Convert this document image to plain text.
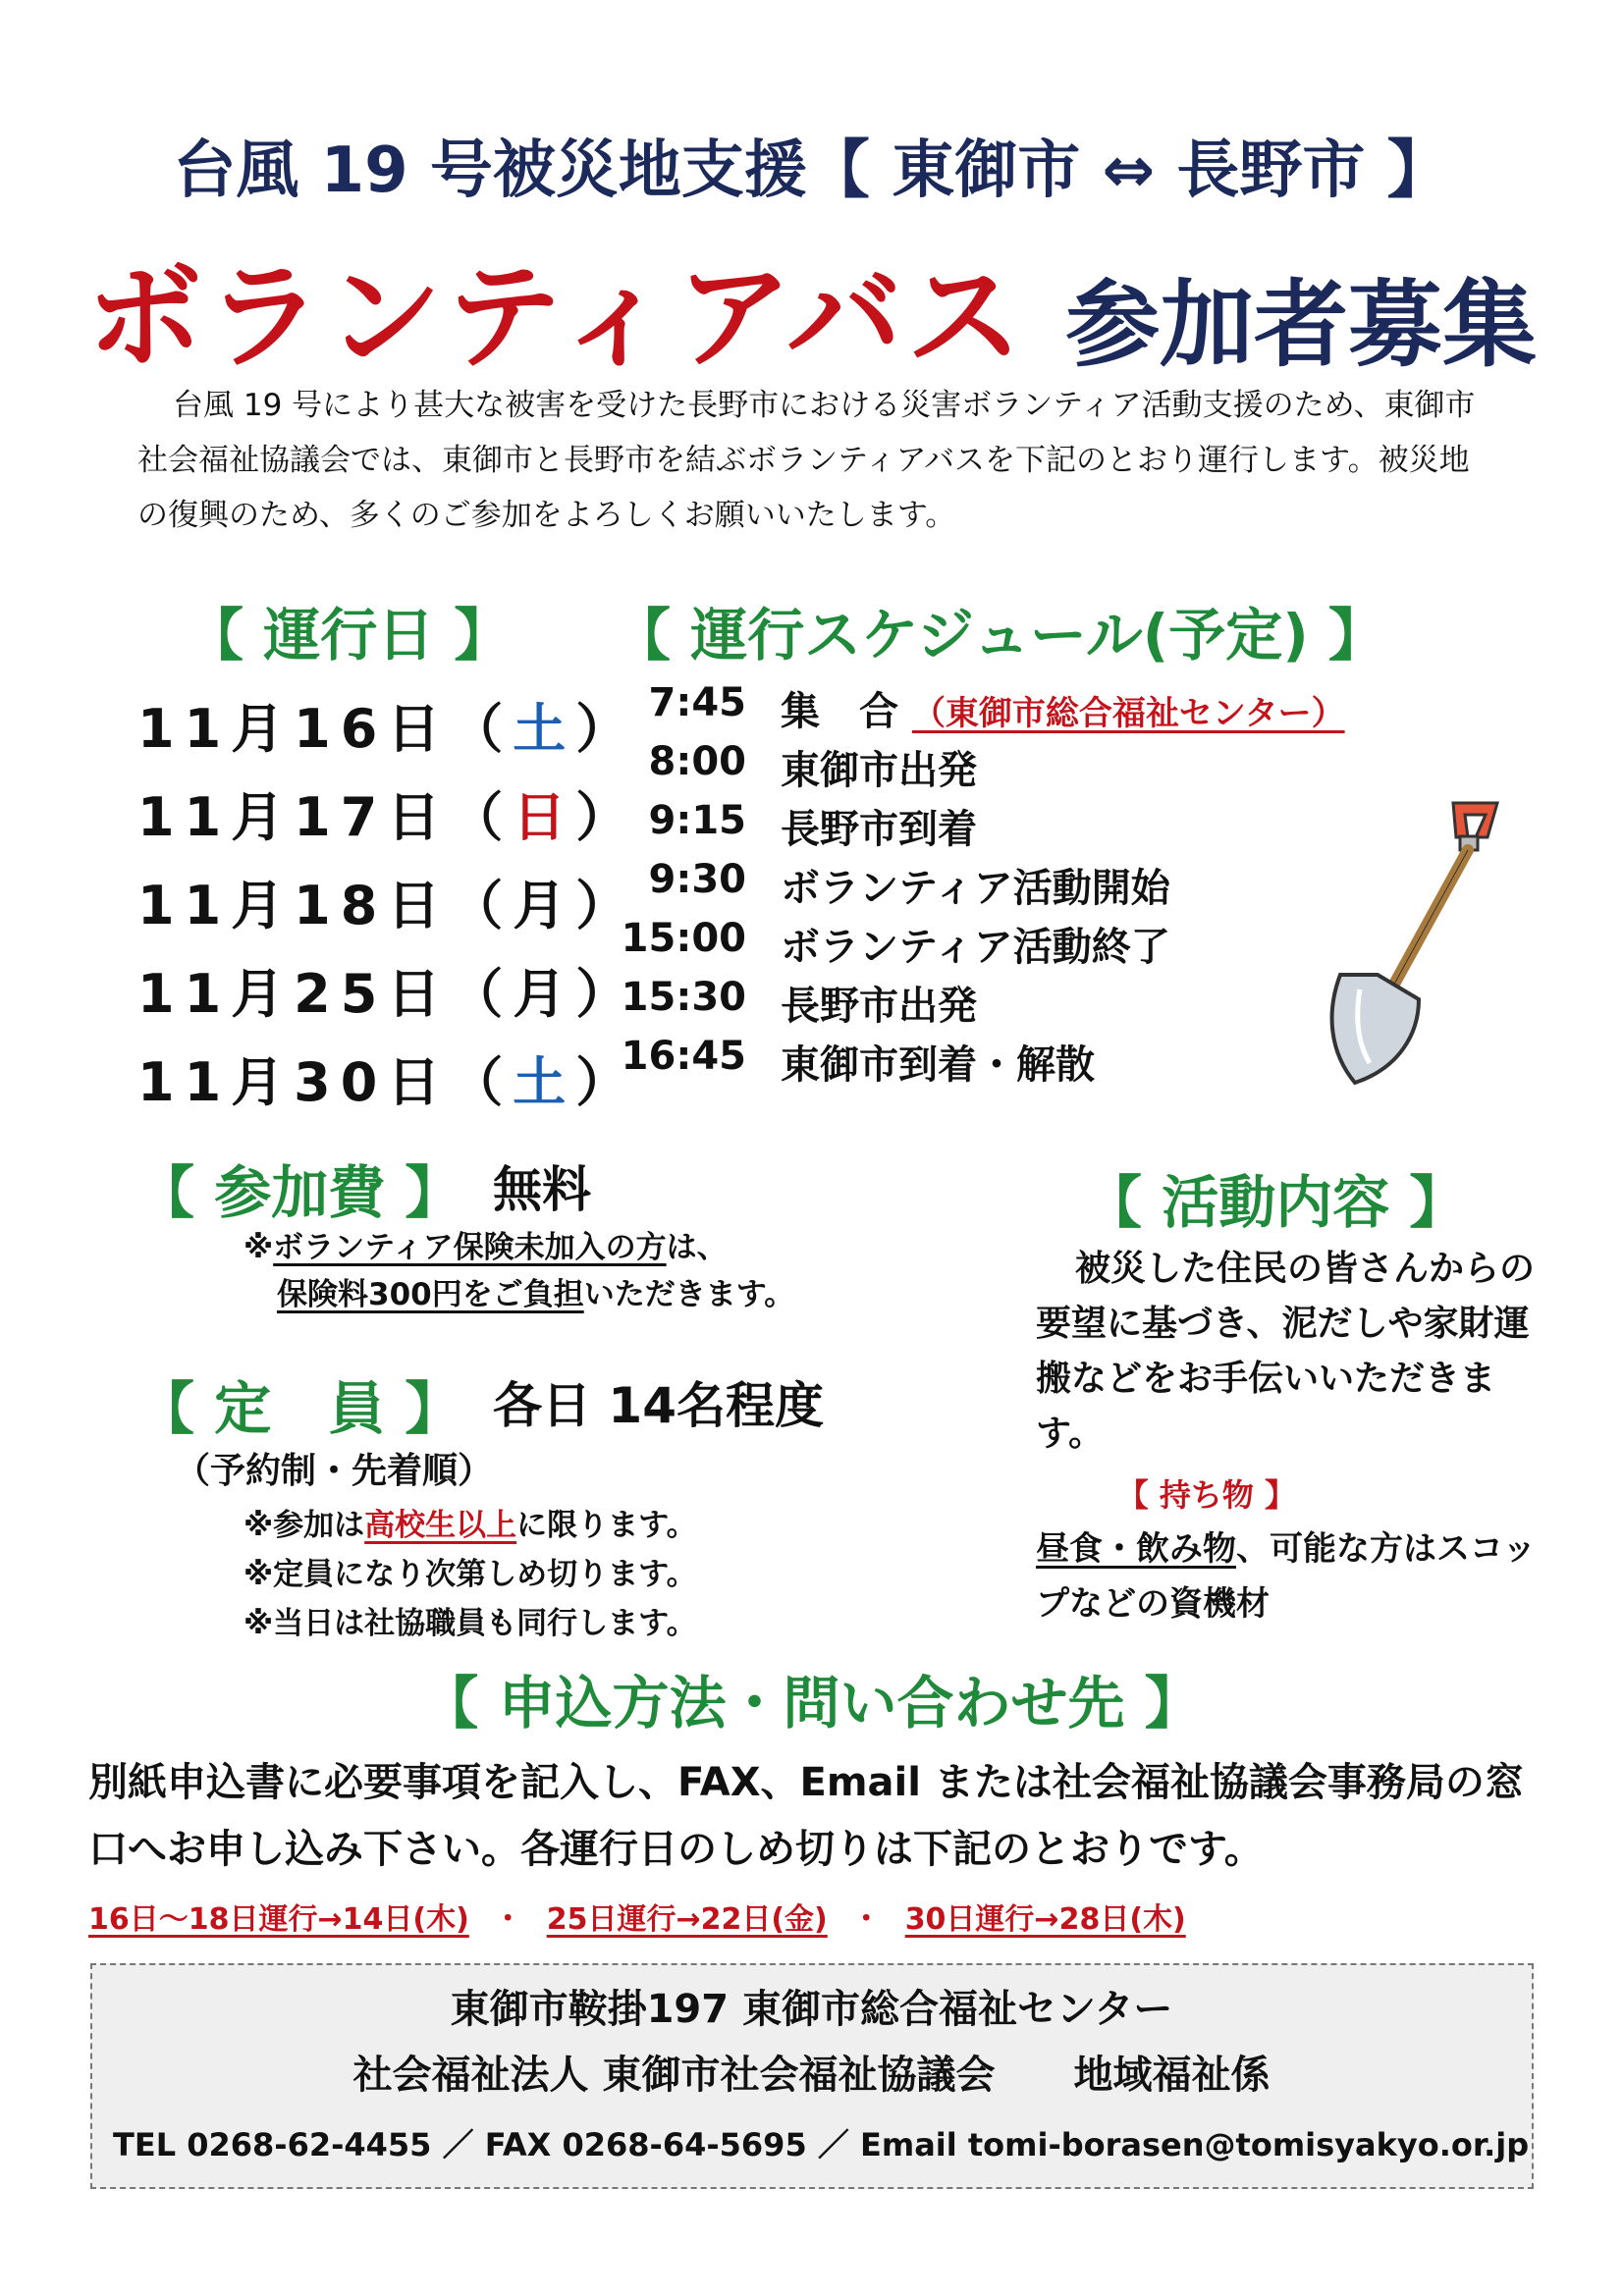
台風 19 号被災地支援【 東御市 ⇔ 長野市 】
ボランティアバス 参加者募集

台風 19 号により甚大な被害を受けた長野市における災害ボランティア活動支援のため、東御市社会福祉協議会では、東御市と長野市を結ぶボランティアバスを下記のとおり運行します。被災地の復興のため、多くのご参加をよろしくお願いいたします。

【 運行日 】
11月16日（土）
11月17日（日）
11月18日（月）
11月25日（月）
11月30日（土）
【 運行スケジュール(予定) 】
7:45 集　合 （東御市総合福祉センター）
8:00 東御市出発
9:15 長野市到着
9:30 ボランティア活動開始
15:00 ボランティア活動終了
15:30 長野市出発
16:45 東御市到着・解散
【 参加費 】 無料
※ボランティア保険未加入の方は、
保険料300円をご負担いただきます。
【 定　員 】 各日 14名程度
（予約制・先着順）
※参加は高校生以上に限ります。
※定員になり次第しめ切ります。
※当日は社協職員も同行します。
【 活動内容 】

被災した住民の皆さんからの要望に基づき、泥だしや家財運搬などをお手伝いいただきます。

【 持ち物 】
昼食・飲み物、可能な方はスコップなどの資機材
【 申込方法・問い合わせ先 】
別紙申込書に必要事項を記入し、FAX、Email または社会福祉協議会事務局の窓口へお申し込み下さい。各運行日のしめ切りは下記のとおりです。
16日～18日運行→14日(木) ・ 25日運行→22日(金) ・ 30日運行→28日(木)
東御市鞍掛197 東御市総合福祉センター
社会福祉法人 東御市社会福祉協議会　　地域福祉係
TEL 0268-62-4455 ／ FAX 0268-64-5695 ／ Email tomi-borasen@tomisyakyo.or.jp
